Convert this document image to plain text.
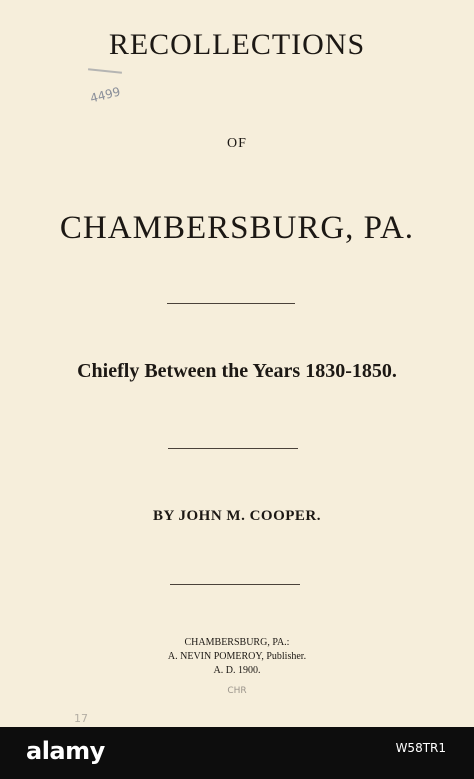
RECOLLECTIONS
4499
OF
CHAMBERSBURG, PA.
Chiefly Between the Years 1830-1850.
BY JOHN M. COOPER.
CHAMBERSBURG, PA.:
A. NEVIN POMEROY, Publisher.
A. D. 1900.
CHR
17
alamy	W58TR1
